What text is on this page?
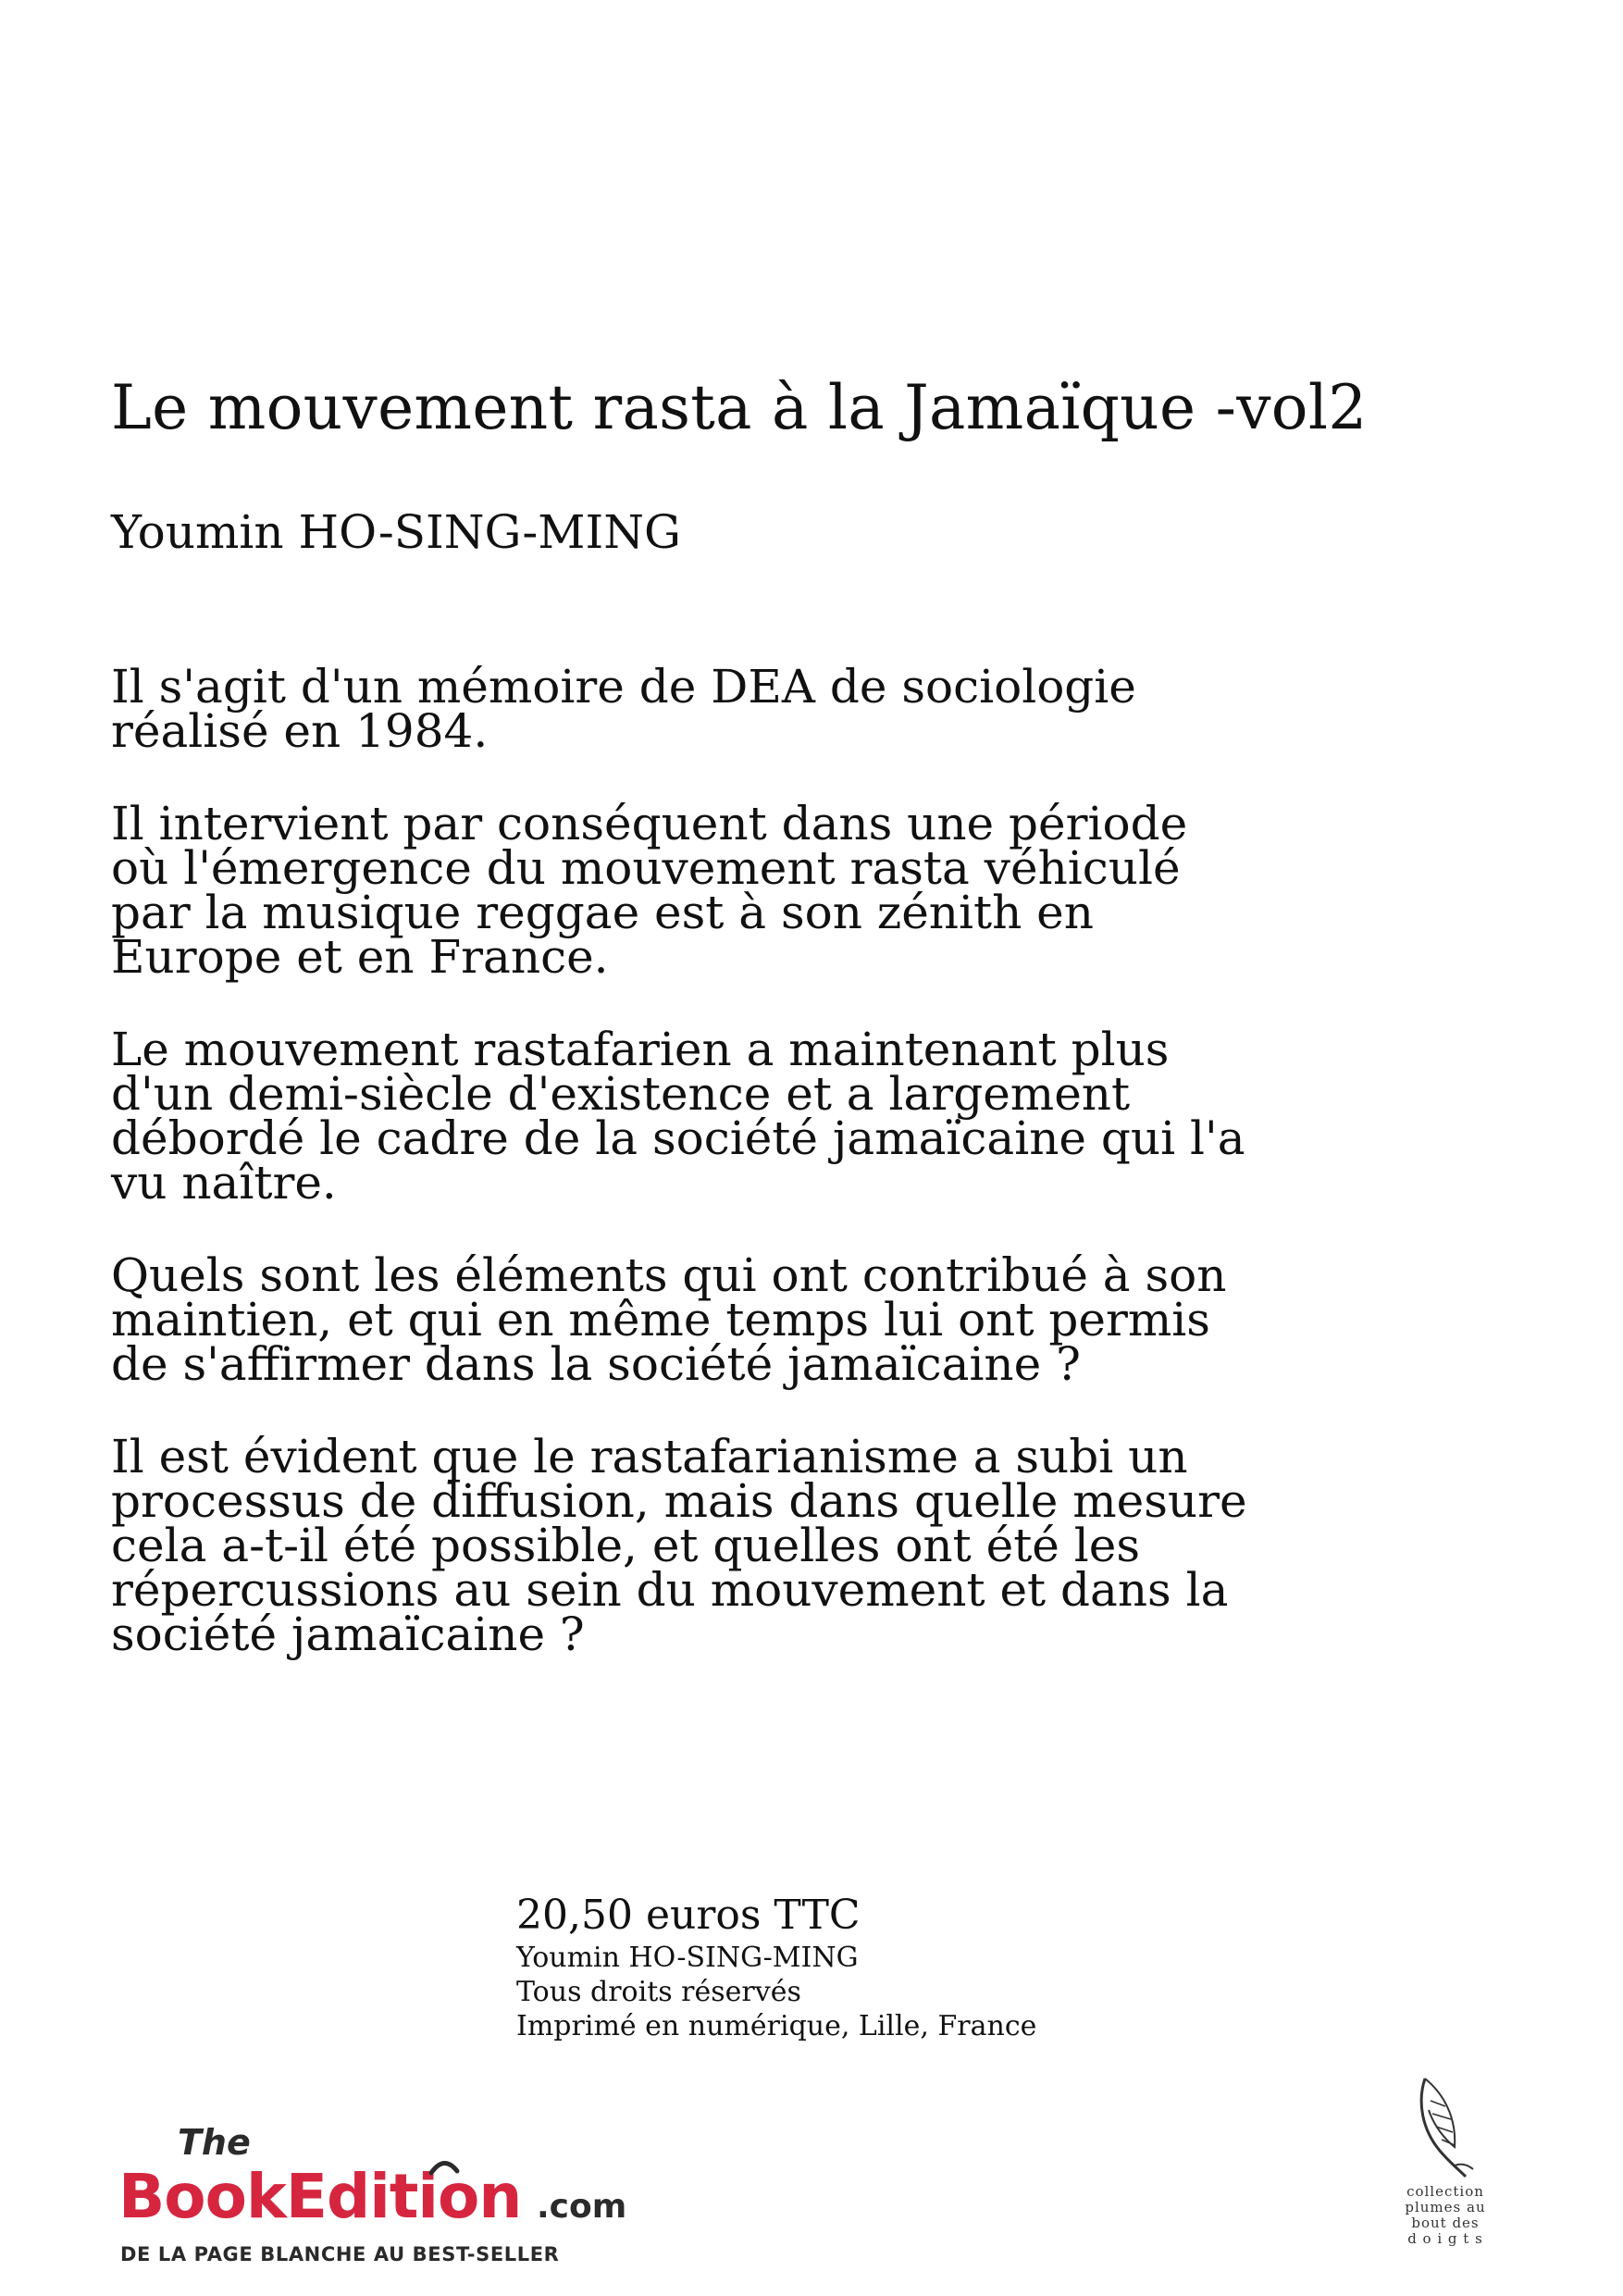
Le mouvement rasta à la Jamaïque -vol2
Youmin HO-SING-MING

Il s'agit d'un mémoire de DEA de sociologie
réalisé en 1984.

Il intervient par conséquent dans une période
où l'émergence du mouvement rasta véhiculé
par la musique reggae est à son zénith en
Europe et en France.

Le mouvement rastafarien a maintenant plus
d'un demi-siècle d'existence et a largement
débordé le cadre de la société jamaïcaine qui l'a
vu naître.

Quels sont les éléments qui ont contribué à son
maintien, et qui en même temps lui ont permis
de s'affirmer dans la société jamaïcaine ?

Il est évident que le rastafarianisme a subi un
processus de diffusion, mais dans quelle mesure
cela a-t-il été possible, et quelles ont été les
répercussions au sein du mouvement et dans la
société jamaïcaine ?

20,50 euros TTC
Youmin HO-SING-MING
Tous droits réservés
Imprimé en numérique, Lille, France
The
BookEdition .com
DE LA PAGE BLANCHE AU BEST-SELLER
collection
plumes au
bout des
d o i g t s
